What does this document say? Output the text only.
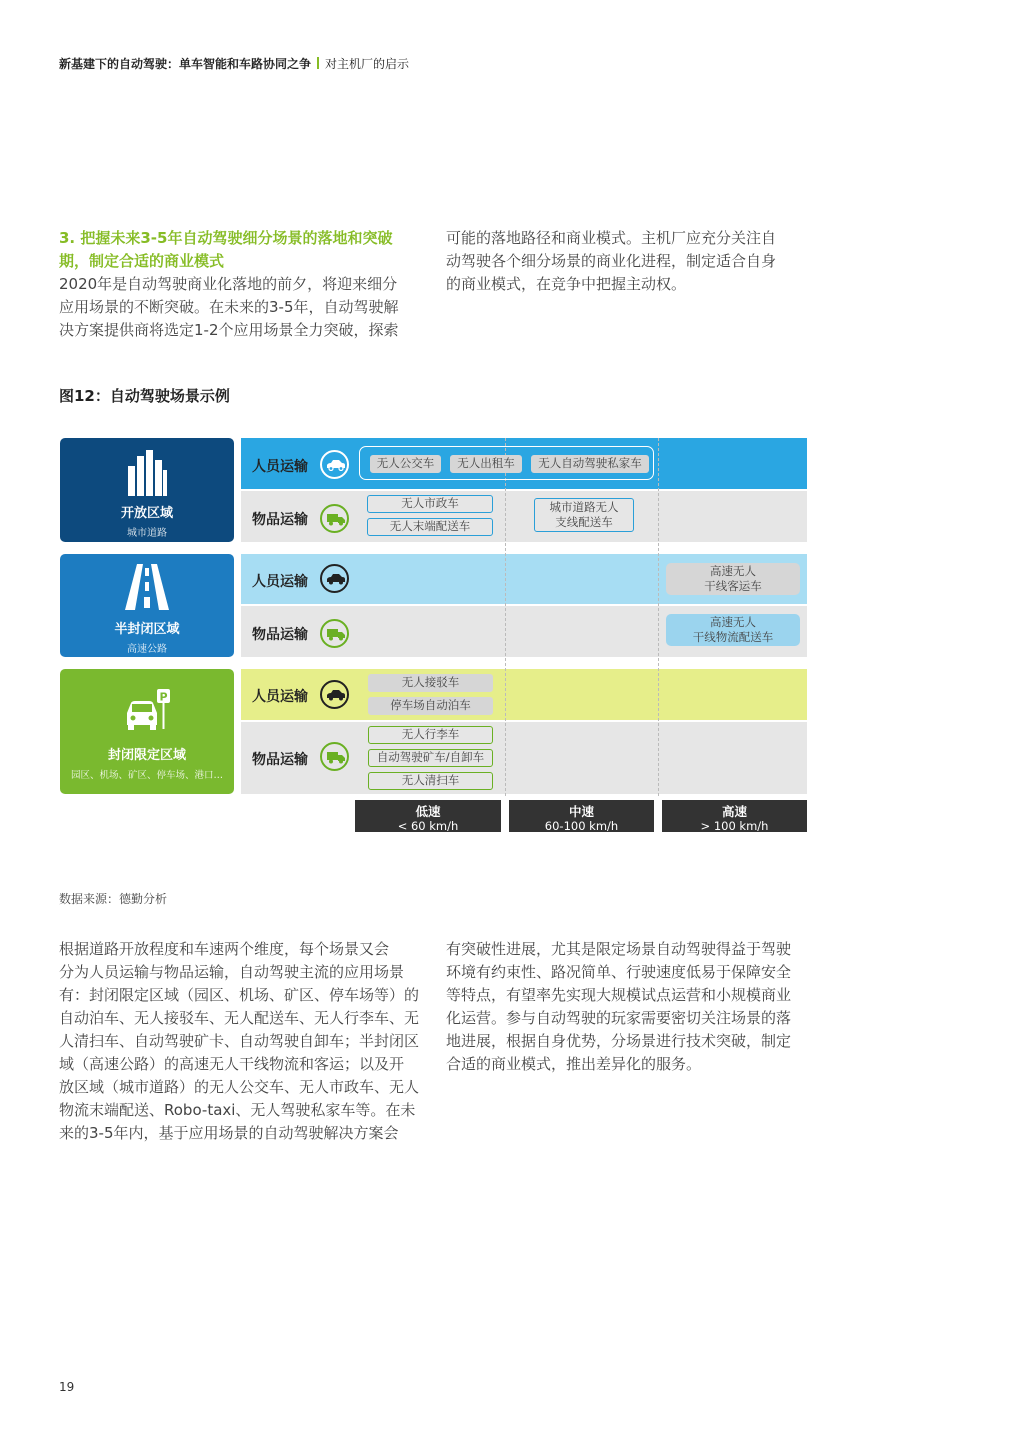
新基建下的自动驾驶：单车智能和车路协同之争 对主机厂的启示

3. 把握未来3-5年自动驾驶细分场景的落地和突破

期，制定合适的商业模式

2020年是自动驾驶商业化落地的前夕，将迎来细分

应用场景的不断突破。在未来的3-5年，自动驾驶解

决方案提供商将选定1-2个应用场景全力突破，探索

可能的落地路径和商业模式。主机厂应充分关注自

动驾驶各个细分场景的商业化进程，制定适合自身

的商业模式，在竞争中把握主动权。

图12：自动驾驶场景示例
开放区域
城市道路
半封闭区域
高速公路
P
封闭限定区域
园区、机场、矿区、停车场、港口…
人员运输
物品运输
人员运输
物品运输
人员运输
物品运输
无人公交车	无人出租车	无人自动驾驶私家车
无人市政车
无人末端配送车
城市道路无人
支线配送车
高速无人
干线客运车
高速无人
干线物流配送车
无人接驳车
停车场自动泊车
无人行李车
自动驾驶矿车/自卸车
无人清扫车
低速
< 60 km/h
中速
60-100 km/h
高速
> 100 km/h
数据来源：德勤分析

根据道路开放程度和车速两个维度，每个场景又会

分为人员运输与物品运输，自动驾驶主流的应用场景

有：封闭限定区域（园区、机场、矿区、停车场等）的

自动泊车、无人接驳车、无人配送车、无人行李车、无

人清扫车、自动驾驶矿卡、自动驾驶自卸车；半封闭区

域（高速公路）的高速无人干线物流和客运；以及开

放区域（城市道路）的无人公交车、无人市政车、无人

物流末端配送、Robo-taxi、无人驾驶私家车等。在未

来的3-5年内，基于应用场景的自动驾驶解决方案会

有突破性进展，尤其是限定场景自动驾驶得益于驾驶

环境有约束性、路况简单、行驶速度低易于保障安全

等特点，有望率先实现大规模试点运营和小规模商业

化运营。参与自动驾驶的玩家需要密切关注场景的落

地进展，根据自身优势，分场景进行技术突破，制定

合适的商业模式，推出差异化的服务。

19
